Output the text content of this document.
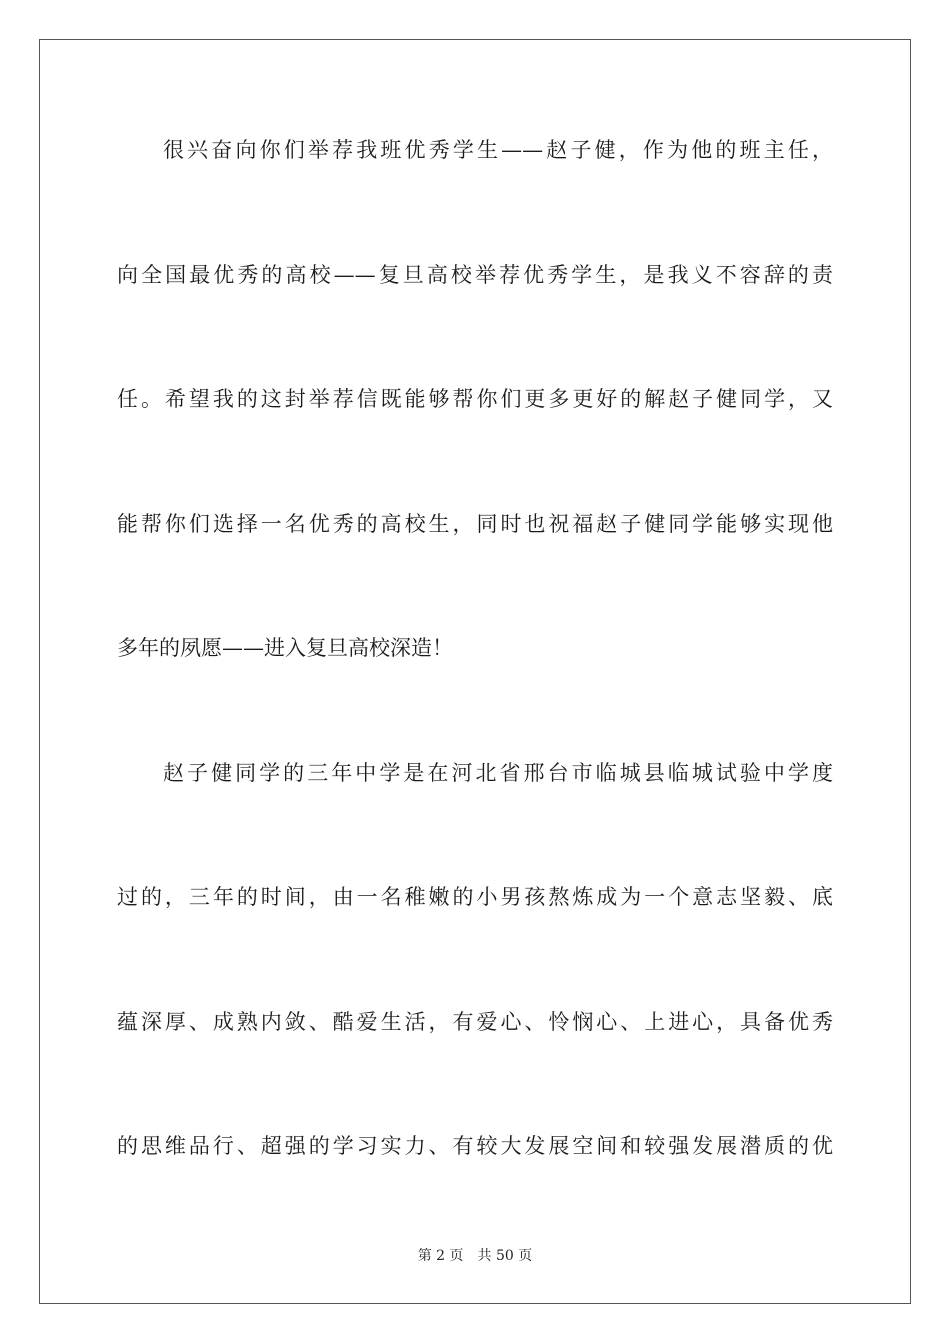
很兴奋向你们举荐我班优秀学生——赵子健，作为他的班主任，
向全国最优秀的高校——复旦高校举荐优秀学生，是我义不容辞的责
任。希望我的这封举荐信既能够帮你们更多更好的解赵子健同学，又
能帮你们选择一名优秀的高校生，同时也祝福赵子健同学能够实现他
多年的夙愿——进入复旦高校深造！
赵子健同学的三年中学是在河北省邢台市临城县临城试验中学度
过的，三年的时间，由一名稚嫩的小男孩熬炼成为一个意志坚毅、底
蕴深厚、成熟内敛、酷爱生活，有爱心、怜悯心、上进心，具备优秀
的思维品行、超强的学习实力、有较大发展空间和较强发展潜质的优
第 2 页 共 50 页
